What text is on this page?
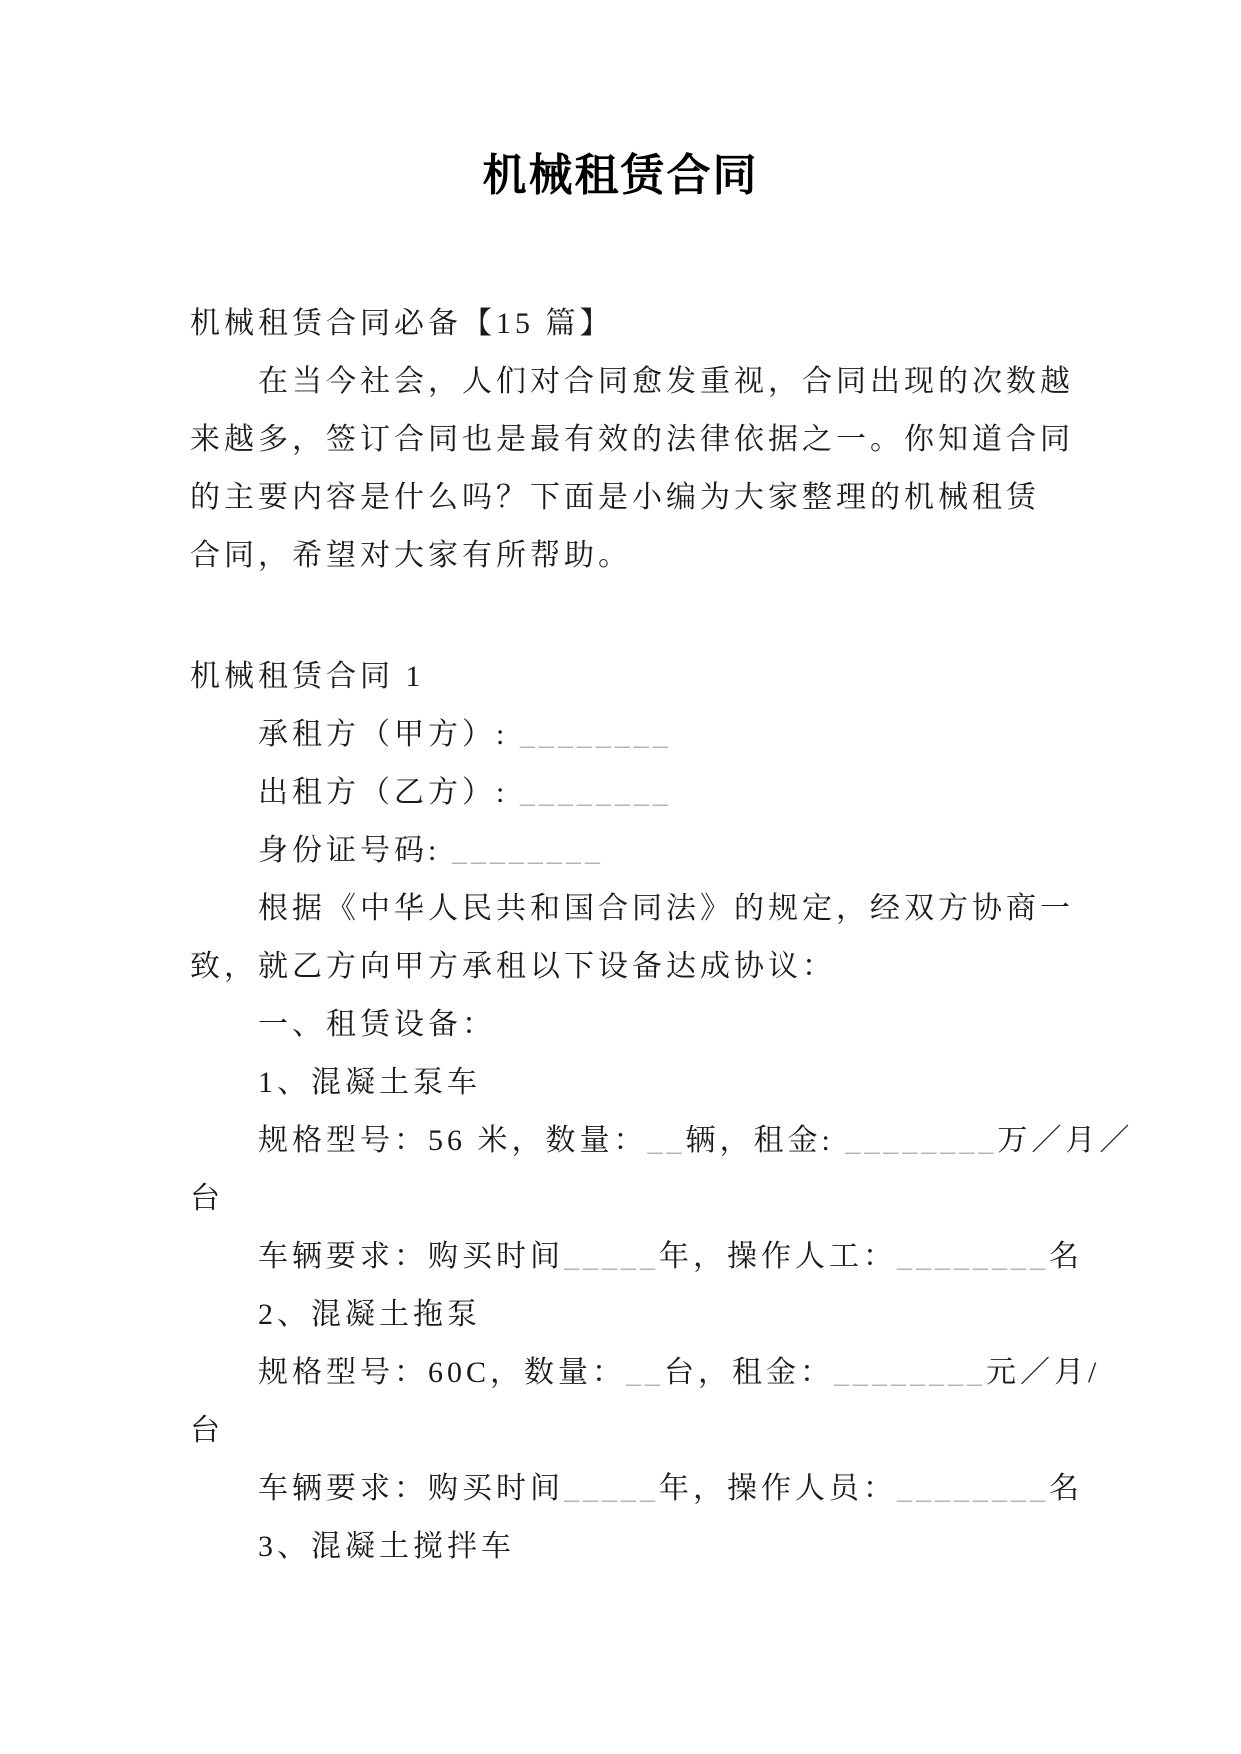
机械租赁合同
机械租赁合同必备【15 篇】
在当今社会，人们对合同愈发重视，合同出现的次数越
来越多，签订合同也是最有效的法律依据之一。你知道合同
的主要内容是什么吗？下面是小编为大家整理的机械租赁
合同，希望对大家有所帮助。
机械租赁合同 1
承租方（甲方）: ________
出租方（乙方）: ________
身份证号码: ________
根据《中华人民共和国合同法》的规定，经双方协商一
致，就乙方向甲方承租以下设备达成协议：
一、租赁设备：
1、混凝土泵车
规格型号：56 米，数量：__辆，租金: ________万／月／
台
车辆要求：购买时间_____年，操作人工：________名
2、混凝土拖泵
规格型号：60C，数量：__台，租金：________元／月/
台
车辆要求：购买时间_____年，操作人员：________名
3、混凝土搅拌车
